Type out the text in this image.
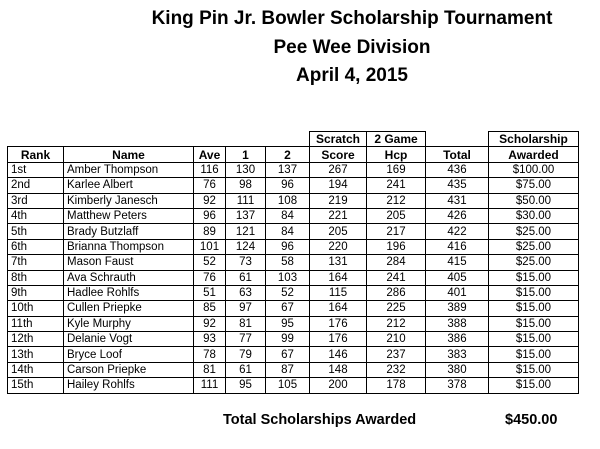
King Pin Jr. Bowler Scholarship Tournament
Pee Wee Division
April 4, 2015
					Scratch	2 Game		Scholarship
Rank	Name	Ave	1	2	Score	Hcp	Total	Awarded
1st	Amber Thompson	116	130	137	267	169	436	$100.00
2nd	Karlee Albert	76	98	96	194	241	435	$75.00
3rd	Kimberly Janesch	92	111	108	219	212	431	$50.00
4th	Matthew Peters	96	137	84	221	205	426	$30.00
5th	Brady Butzlaff	89	121	84	205	217	422	$25.00
6th	Brianna Thompson	101	124	96	220	196	416	$25.00
7th	Mason Faust	52	73	58	131	284	415	$25.00
8th	Ava Schrauth	76	61	103	164	241	405	$15.00
9th	Hadlee Rohlfs	51	63	52	115	286	401	$15.00
10th	Cullen Priepke	85	97	67	164	225	389	$15.00
11th	Kyle Murphy	92	81	95	176	212	388	$15.00
12th	Delanie Vogt	93	77	99	176	210	386	$15.00
13th	Bryce Loof	78	79	67	146	237	383	$15.00
14th	Carson Priepke	81	61	87	148	232	380	$15.00
15th	Hailey Rohlfs	111	95	105	200	178	378	$15.00
Total Scholarships Awarded	$450.00
